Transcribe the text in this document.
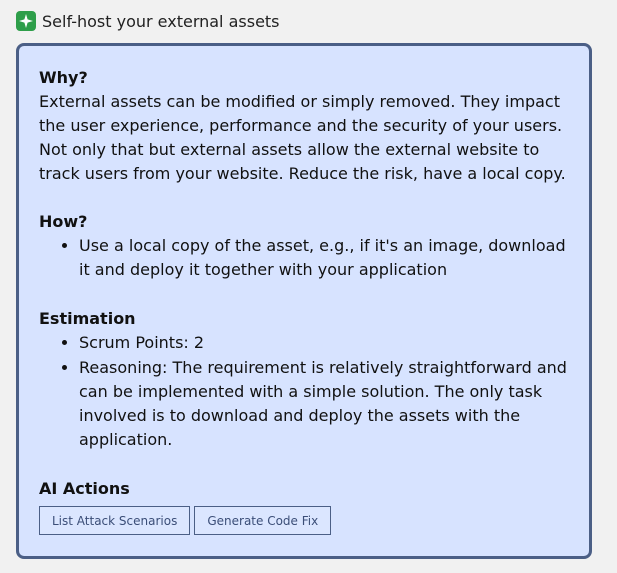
Self-host your external assets
Why?

External assets can be modified or simply removed. They impact the user experience, performance and the security of your users. Not only that but external assets allow the external website to track users from your website. Reduce the risk, have a local copy.

How?
• Use a local copy of the asset, e.g., if it's an image, download it and deploy it together with your application
Estimation
• Scrum Points: 2
• Reasoning: The requirement is relatively straightforward and can be implemented with a simple solution. The only task involved is to download and deploy the assets with the application.
AI Actions
List Attack Scenarios	Generate Code Fix
